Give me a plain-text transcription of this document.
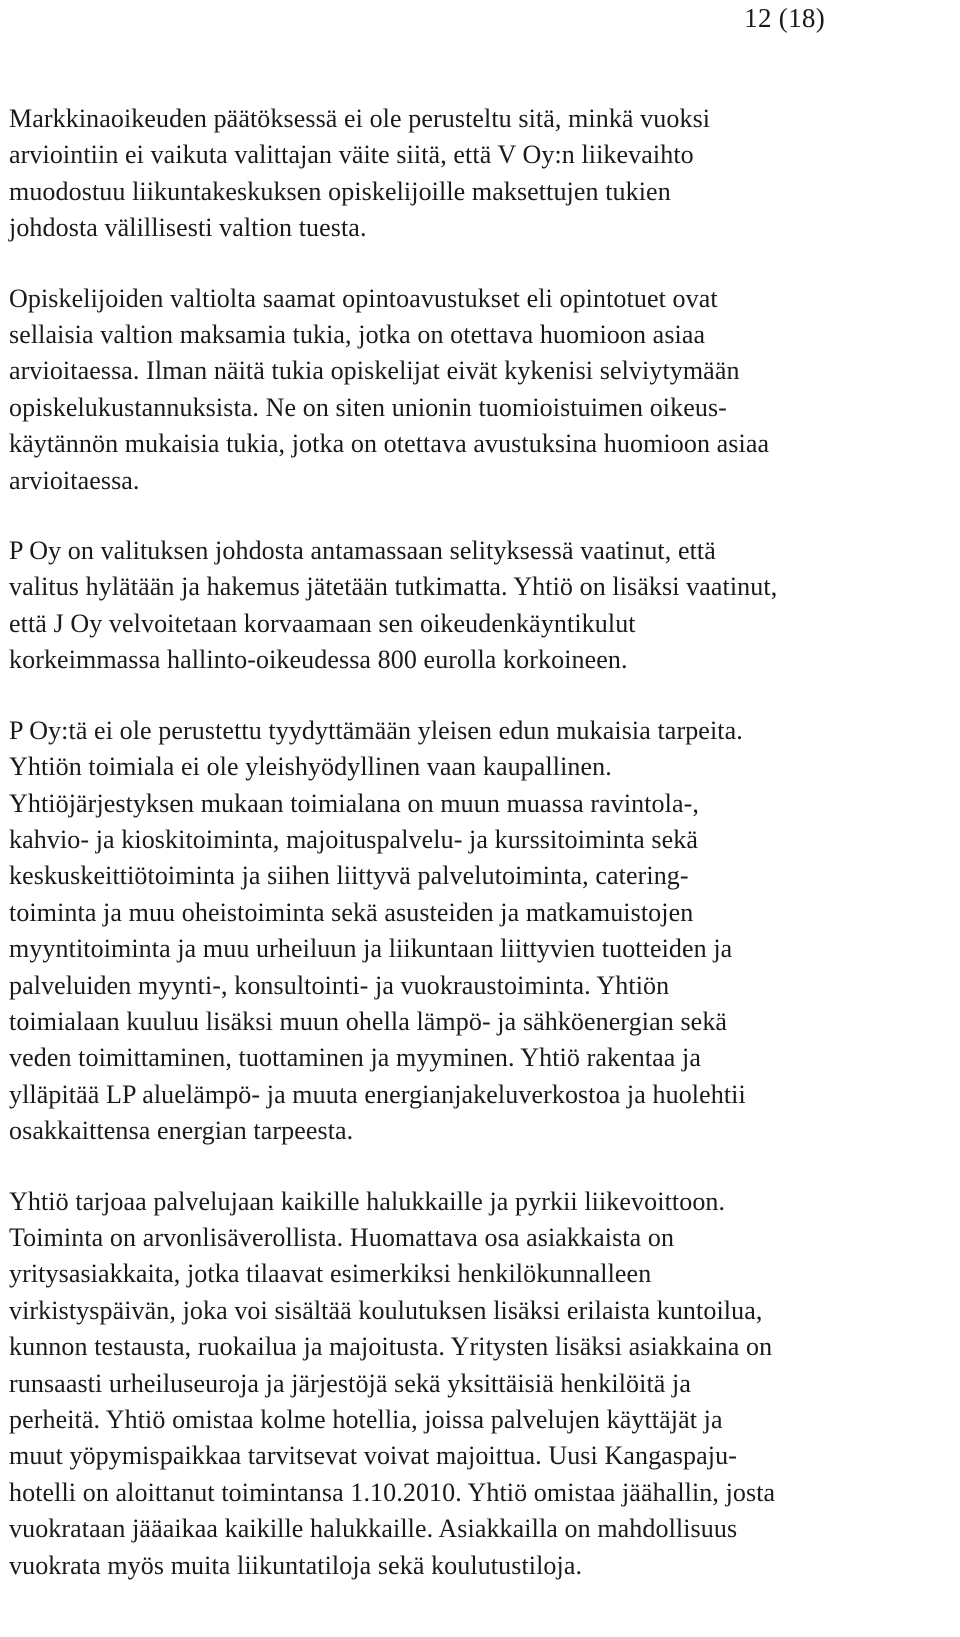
12 (18)

Markkinaoikeuden päätöksessä ei ole perusteltu sitä, minkä vuoksi
arviointiin ei vaikuta valittajan väite siitä, että V Oy:n liikevaihto
muodostuu liikuntakeskuksen opiskelijoille maksettujen tukien
johdosta välillisesti valtion tuesta.

Opiskelijoiden valtiolta saamat opintoavustukset eli opintotuet ovat
sellaisia valtion maksamia tukia, jotka on otettava huomioon asiaa
arvioitaessa. Ilman näitä tukia opiskelijat eivät kykenisi selviytymään
opiskelukustannuksista. Ne on siten unionin tuomioistuimen oikeus-
käytännön mukaisia tukia, jotka on otettava avustuksina huomioon asiaa
arvioitaessa.

P Oy on valituksen johdosta antamassaan selityksessä vaatinut, että
valitus hylätään ja hakemus jätetään tutkimatta. Yhtiö on lisäksi vaatinut,
että J Oy velvoitetaan korvaamaan sen oikeudenkäyntikulut
korkeimmassa hallinto-oikeudessa 800 eurolla korkoineen.

P Oy:tä ei ole perustettu tyydyttämään yleisen edun mukaisia tarpeita.
Yhtiön toimiala ei ole yleishyödyllinen vaan kaupallinen.
Yhtiöjärjestyksen mukaan toimialana on muun muassa ravintola-,
kahvio- ja kioskitoiminta, majoituspalvelu- ja kurssitoiminta sekä
keskuskeittiötoiminta ja siihen liittyvä palvelutoiminta, catering-
toiminta ja muu oheistoiminta sekä asusteiden ja matkamuistojen
myyntitoiminta ja muu urheiluun ja liikuntaan liittyvien tuotteiden ja
palveluiden myynti-, konsultointi- ja vuokraustoiminta. Yhtiön
toimialaan kuuluu lisäksi muun ohella lämpö- ja sähköenergian sekä
veden toimittaminen, tuottaminen ja myyminen. Yhtiö rakentaa ja
ylläpitää LP aluelämpö- ja muuta energianjakeluverkostoa ja huolehtii
osakkaittensa energian tarpeesta.

Yhtiö tarjoaa palvelujaan kaikille halukkaille ja pyrkii liikevoittoon.
Toiminta on arvonlisäverollista. Huomattava osa asiakkaista on
yritysasiakkaita, jotka tilaavat esimerkiksi henkilökunnalleen
virkistyspäivän, joka voi sisältää koulutuksen lisäksi erilaista kuntoilua,
kunnon testausta, ruokailua ja majoitusta. Yritysten lisäksi asiakkaina on
runsaasti urheiluseuroja ja järjestöjä sekä yksittäisiä henkilöitä ja
perheitä. Yhtiö omistaa kolme hotellia, joissa palvelujen käyttäjät ja
muut yöpymispaikkaa tarvitsevat voivat majoittua. Uusi Kangaspaju-
hotelli on aloittanut toimintansa 1.10.2010. Yhtiö omistaa jäähallin, josta
vuokrataan jääaikaa kaikille halukkaille. Asiakkailla on mahdollisuus
vuokrata myös muita liikuntatiloja sekä koulutustiloja.
